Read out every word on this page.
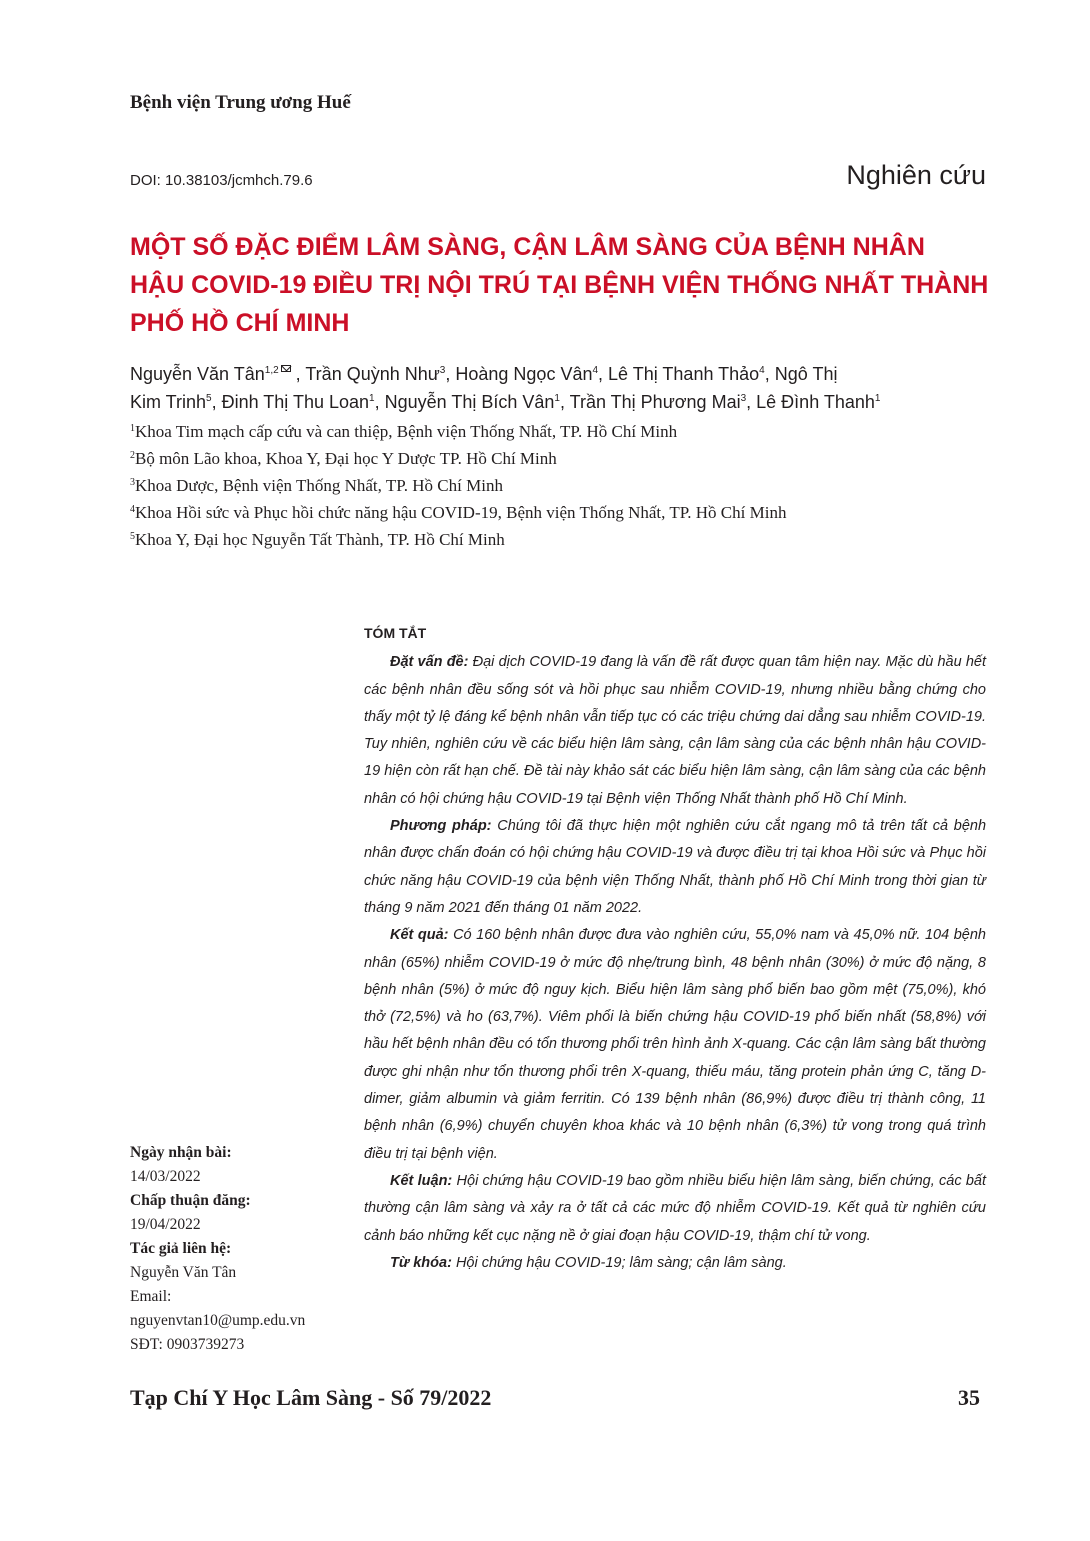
Bệnh viện Trung ương Huế
DOI: 10.38103/jcmhch.79.6	Nghiên cứu
MỘT SỐ ĐẶC ĐIỂM LÂM SÀNG, CẬN LÂM SÀNG CỦA BỆNH NHÂN
HẬU COVID-19 ĐIỀU TRỊ NỘI TRÚ TẠI BỆNH VIỆN THỐNG NHẤT THÀNH
PHỐ HỒ CHÍ MINH
Nguyễn Văn Tân$^{1,2}$ , Trần Quỳnh Như$^3$, Hoàng Ngọc Vân$^4$, Lê Thị Thanh Thảo$^4$, Ngô Thị
Kim Trinh$^5$, Đinh Thị Thu Loan$^1$, Nguyễn Thị Bích Vân$^1$, Trần Thị Phương Mai$^3$, Lê Đình Thanh$^1$
$^1$Khoa Tim mạch cấp cứu và can thiệp, Bệnh viện Thống Nhất, TP. Hồ Chí Minh
$^2$Bộ môn Lão khoa, Khoa Y, Đại học Y Dược TP. Hồ Chí Minh
$^3$Khoa Dược, Bệnh viện Thống Nhất, TP. Hồ Chí Minh
$^4$Khoa Hồi sức và Phục hồi chức năng hậu COVID-19, Bệnh viện Thống Nhất, TP. Hồ Chí Minh
$^5$Khoa Y, Đại học Nguyễn Tất Thành, TP. Hồ Chí Minh
TÓM TẮT

Đặt vấn đề: Đại dịch COVID-19 đang là vấn đề rất được quan tâm hiện nay. Mặc dù hầu hết các bệnh nhân đều sống sót và hồi phục sau nhiễm COVID-19, nhưng nhiều bằng chứng cho thấy một tỷ lệ đáng kể bệnh nhân vẫn tiếp tục có các triệu chứng dai dẳng sau nhiễm COVID-19. Tuy nhiên, nghiên cứu về các biểu hiện lâm sàng, cận lâm sàng của các bệnh nhân hậu COVID-19 hiện còn rất hạn chế. Đề tài này khảo sát các biểu hiện lâm sàng, cận lâm sàng của các bệnh nhân có hội chứng hậu COVID-19 tại Bệnh viện Thống Nhất thành phố Hồ Chí Minh.

Phương pháp: Chúng tôi đã thực hiện một nghiên cứu cắt ngang mô tả trên tất cả bệnh nhân được chẩn đoán có hội chứng hậu COVID-19 và được điều trị tại khoa Hồi sức và Phục hồi chức năng hậu COVID-19 của bệnh viện Thống Nhất, thành phố Hồ Chí Minh trong thời gian từ tháng 9 năm 2021 đến tháng 01 năm 2022.

Kết quả: Có 160 bệnh nhân được đưa vào nghiên cứu, 55,0% nam và 45,0% nữ. 104 bệnh nhân (65%) nhiễm COVID-19 ở mức độ nhẹ/trung bình, 48 bệnh nhân (30%) ở mức độ nặng, 8 bệnh nhân (5%) ở mức độ nguy kịch. Biểu hiện lâm sàng phổ biến bao gồm mệt (75,0%), khó thở (72,5%) và ho (63,7%). Viêm phổi là biến chứng hậu COVID-19 phổ biến nhất (58,8%) với hầu hết bệnh nhân đều có tổn thương phổi trên hình ảnh X-quang. Các cận lâm sàng bất thường được ghi nhận như tổn thương phổi trên X-quang, thiếu máu, tăng protein phản ứng C, tăng D-dimer, giảm albumin và giảm ferritin. Có 139 bệnh nhân (86,9%) được điều trị thành công, 11 bệnh nhân (6,9%) chuyển chuyên khoa khác và 10 bệnh nhân (6,3%) tử vong trong quá trình điều trị tại bệnh viện.

Kết luận: Hội chứng hậu COVID-19 bao gồm nhiều biểu hiện lâm sàng, biến chứng, các bất thường cận lâm sàng và xảy ra ở tất cả các mức độ nhiễm COVID-19. Kết quả từ nghiên cứu cảnh báo những kết cục nặng nề ở giai đoạn hậu COVID-19, thậm chí tử vong.

Từ khóa: Hội chứng hậu COVID-19; lâm sàng; cận lâm sàng.

Ngày nhận bài:
14/03/2022
Chấp thuận đăng:
19/04/2022
Tác giả liên hệ:
Nguyễn Văn Tân
Email:
nguyenvtan10@ump.edu.vn
SĐT: 0903739273
Tạp Chí Y Học Lâm Sàng - Số 79/2022	35
